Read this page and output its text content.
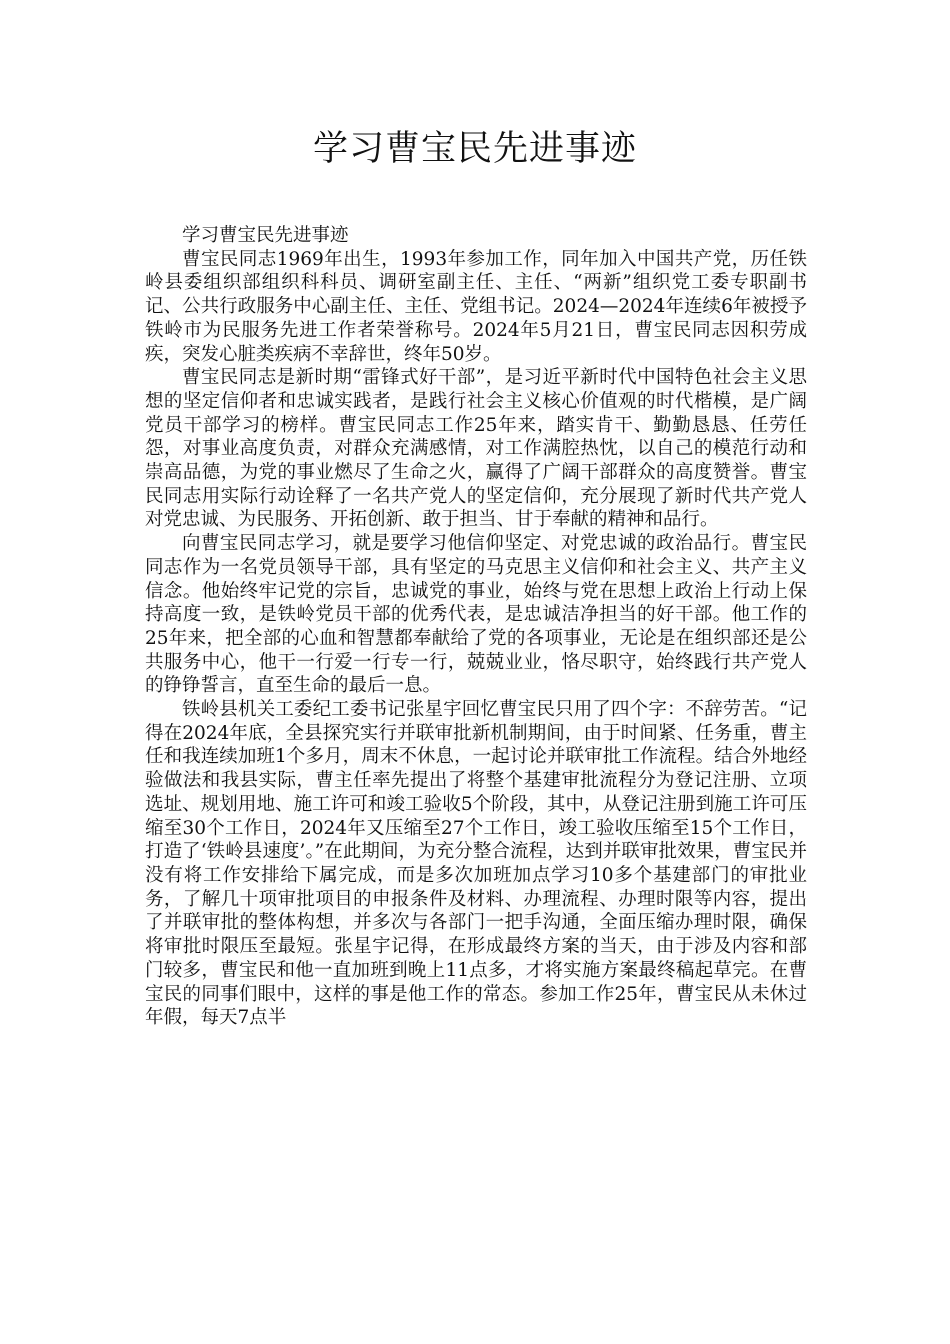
学习曹宝民先进事迹

学习曹宝民先进事迹

曹宝民同志1969年出生，1993年参加工作，同年加入中国共产党，历任铁岭县委组织部组织科科员、调研室副主任、主任、“两新”组织党工委专职副书记、公共行政服务中心副主任、主任、党组书记。2024—2024年连续6年被授予铁岭市为民服务先进工作者荣誉称号。2024年5月21日，曹宝民同志因积劳成疾，突发心脏类疾病不幸辞世，终年50岁。

曹宝民同志是新时期“雷锋式好干部”，是习近平新时代中国特色社会主义思想的坚定信仰者和忠诚实践者，是践行社会主义核心价值观的时代楷模，是广阔党员干部学习的榜样。曹宝民同志工作25年来，踏实肯干、勤勤恳恳、任劳任怨，对事业高度负责，对群众充满感情，对工作满腔热忱，以自己的模范行动和崇高品德，为党的事业燃尽了生命之火，赢得了广阔干部群众的高度赞誉。曹宝民同志用实际行动诠释了一名共产党人的坚定信仰，充分展现了新时代共产党人对党忠诚、为民服务、开拓创新、敢于担当、甘于奉献的精神和品行。

向曹宝民同志学习，就是要学习他信仰坚定、对党忠诚的政治品行。曹宝民同志作为一名党员领导干部，具有坚定的马克思主义信仰和社会主义、共产主义信念。他始终牢记党的宗旨，忠诚党的事业，始终与党在思想上政治上行动上保持高度一致，是铁岭党员干部的优秀代表，是忠诚洁净担当的好干部。他工作的25年来，把全部的心血和智慧都奉献给了党的各项事业，无论是在组织部还是公共服务中心，他干一行爱一行专一行，兢兢业业，恪尽职守，始终践行共产党人的铮铮誓言，直至生命的最后一息。

铁岭县机关工委纪工委书记张星宇回忆曹宝民只用了四个字：不辞劳苦。“记得在2024年底，全县探究实行并联审批新机制期间，由于时间紧、任务重，曹主任和我连续加班1个多月，周末不休息，一起讨论并联审批工作流程。结合外地经验做法和我县实际，曹主任率先提出了将整个基建审批流程分为登记注册、立项选址、规划用地、施工许可和竣工验收5个阶段，其中，从登记注册到施工许可压缩至30个工作日，2024年又压缩至27个工作日，竣工验收压缩至15个工作日，打造了‘铁岭县速度’。”在此期间，为充分整合流程，达到并联审批效果，曹宝民并没有将工作安排给下属完成，而是多次加班加点学习10多个基建部门的审批业务，了解几十项审批项目的申报条件及材料、办理流程、办理时限等内容，提出了并联审批的整体构想，并多次与各部门一把手沟通，全面压缩办理时限，确保将审批时限压至最短。张星宇记得，在形成最终方案的当天，由于涉及内容和部门较多，曹宝民和他一直加班到晚上11点多，才将实施方案最终稿起草完。在曹宝民的同事们眼中，这样的事是他工作的常态。参加工作25年，曹宝民从未休过年假，每天7点半
